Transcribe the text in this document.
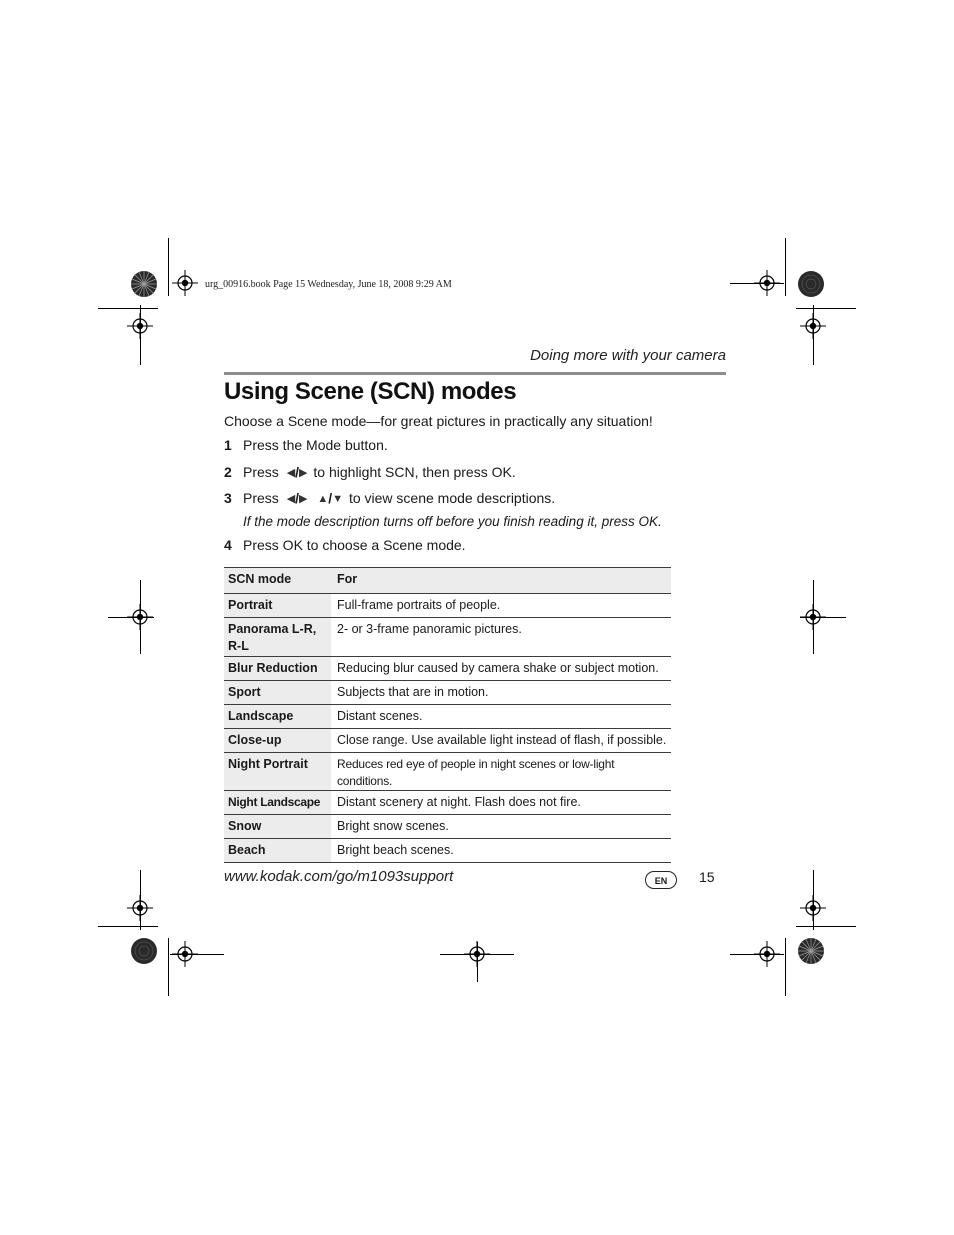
urg_00916.book Page 15 Wednesday, June 18, 2008 9:29 AM
Doing more with your camera
Using Scene (SCN) modes
Choose a Scene mode—for great pictures in practically any situation!
1 Press the Mode button.
2 Press ◀/▶ to highlight SCN, then press OK.
3 Press ◀/▶ ▲/▼ to view scene mode descriptions.
If the mode description turns off before you finish reading it, press OK.
4 Press OK to choose a Scene mode.
SCN mode	For
Portrait	Full-frame portraits of people.
Panorama L-R, R-L	2- or 3-frame panoramic pictures.
Blur Reduction	Reducing blur caused by camera shake or subject motion.
Sport	Subjects that are in motion.
Landscape	Distant scenes.
Close-up	Close range. Use available light instead of flash, if possible.
Night Portrait	Reduces red eye of people in night scenes or low-light conditions.
Night Landscape	Distant scenery at night. Flash does not fire.
Snow	Bright snow scenes.
Beach	Bright beach scenes.
www.kodak.com/go/m1093support	EN	15
